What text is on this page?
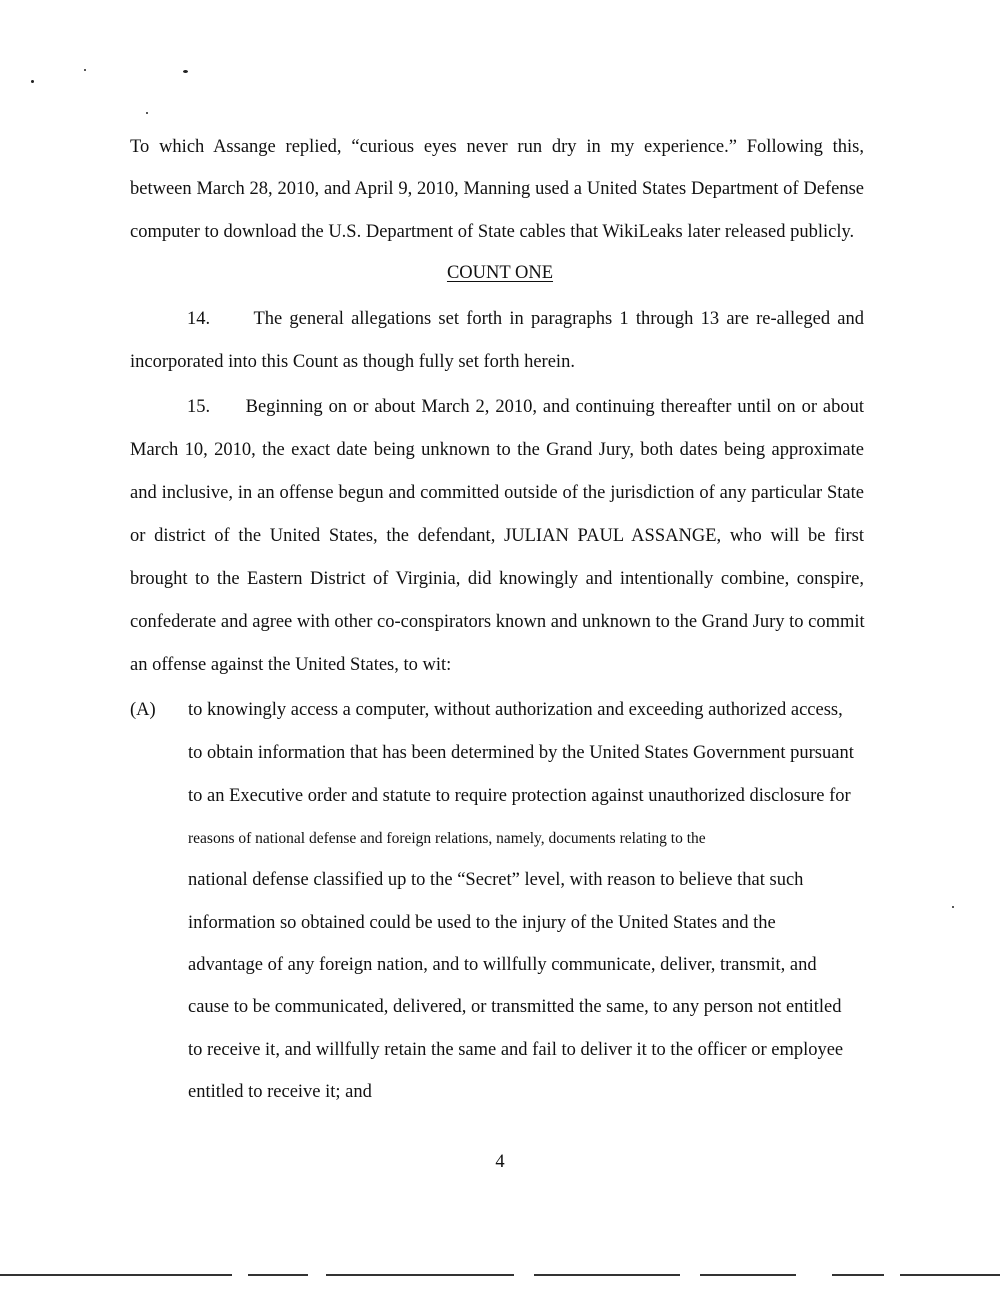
To which Assange replied, “curious eyes never run dry in my experience.” Following this,
between March 28, 2010, and April 9, 2010, Manning used a United States Department of Defense
computer to download the U.S. Department of State cables that WikiLeaks later released publicly.
COUNT ONE
14.      The general allegations set forth in paragraphs 1 through 13 are re-alleged and
incorporated into this Count as though fully set forth herein.
15.      Beginning on or about March 2, 2010, and continuing thereafter until on or about
March 10, 2010, the exact date being unknown to the Grand Jury, both dates being approximate
and inclusive, in an offense begun and committed outside of the jurisdiction of any particular State
or district of the United States, the defendant, JULIAN PAUL ASSANGE, who will be first
brought to the Eastern District of Virginia, did knowingly and intentionally combine, conspire,
confederate and agree with other co-conspirators known and unknown to the Grand Jury to commit
an offense against the United States, to wit:
(A) to knowingly access a computer, without authorization and exceeding authorized access,
to obtain information that has been determined by the United States Government pursuant
to an Executive order and statute to require protection against unauthorized disclosure for
reasons of national defense and foreign relations, namely, documents relating to the
national defense classified up to the “Secret” level, with reason to believe that such
information so obtained could be used to the injury of the United States and the
advantage of any foreign nation, and to willfully communicate, deliver, transmit, and
cause to be communicated, delivered, or transmitted the same, to any person not entitled
to receive it, and willfully retain the same and fail to deliver it to the officer or employee
entitled to receive it; and
4
